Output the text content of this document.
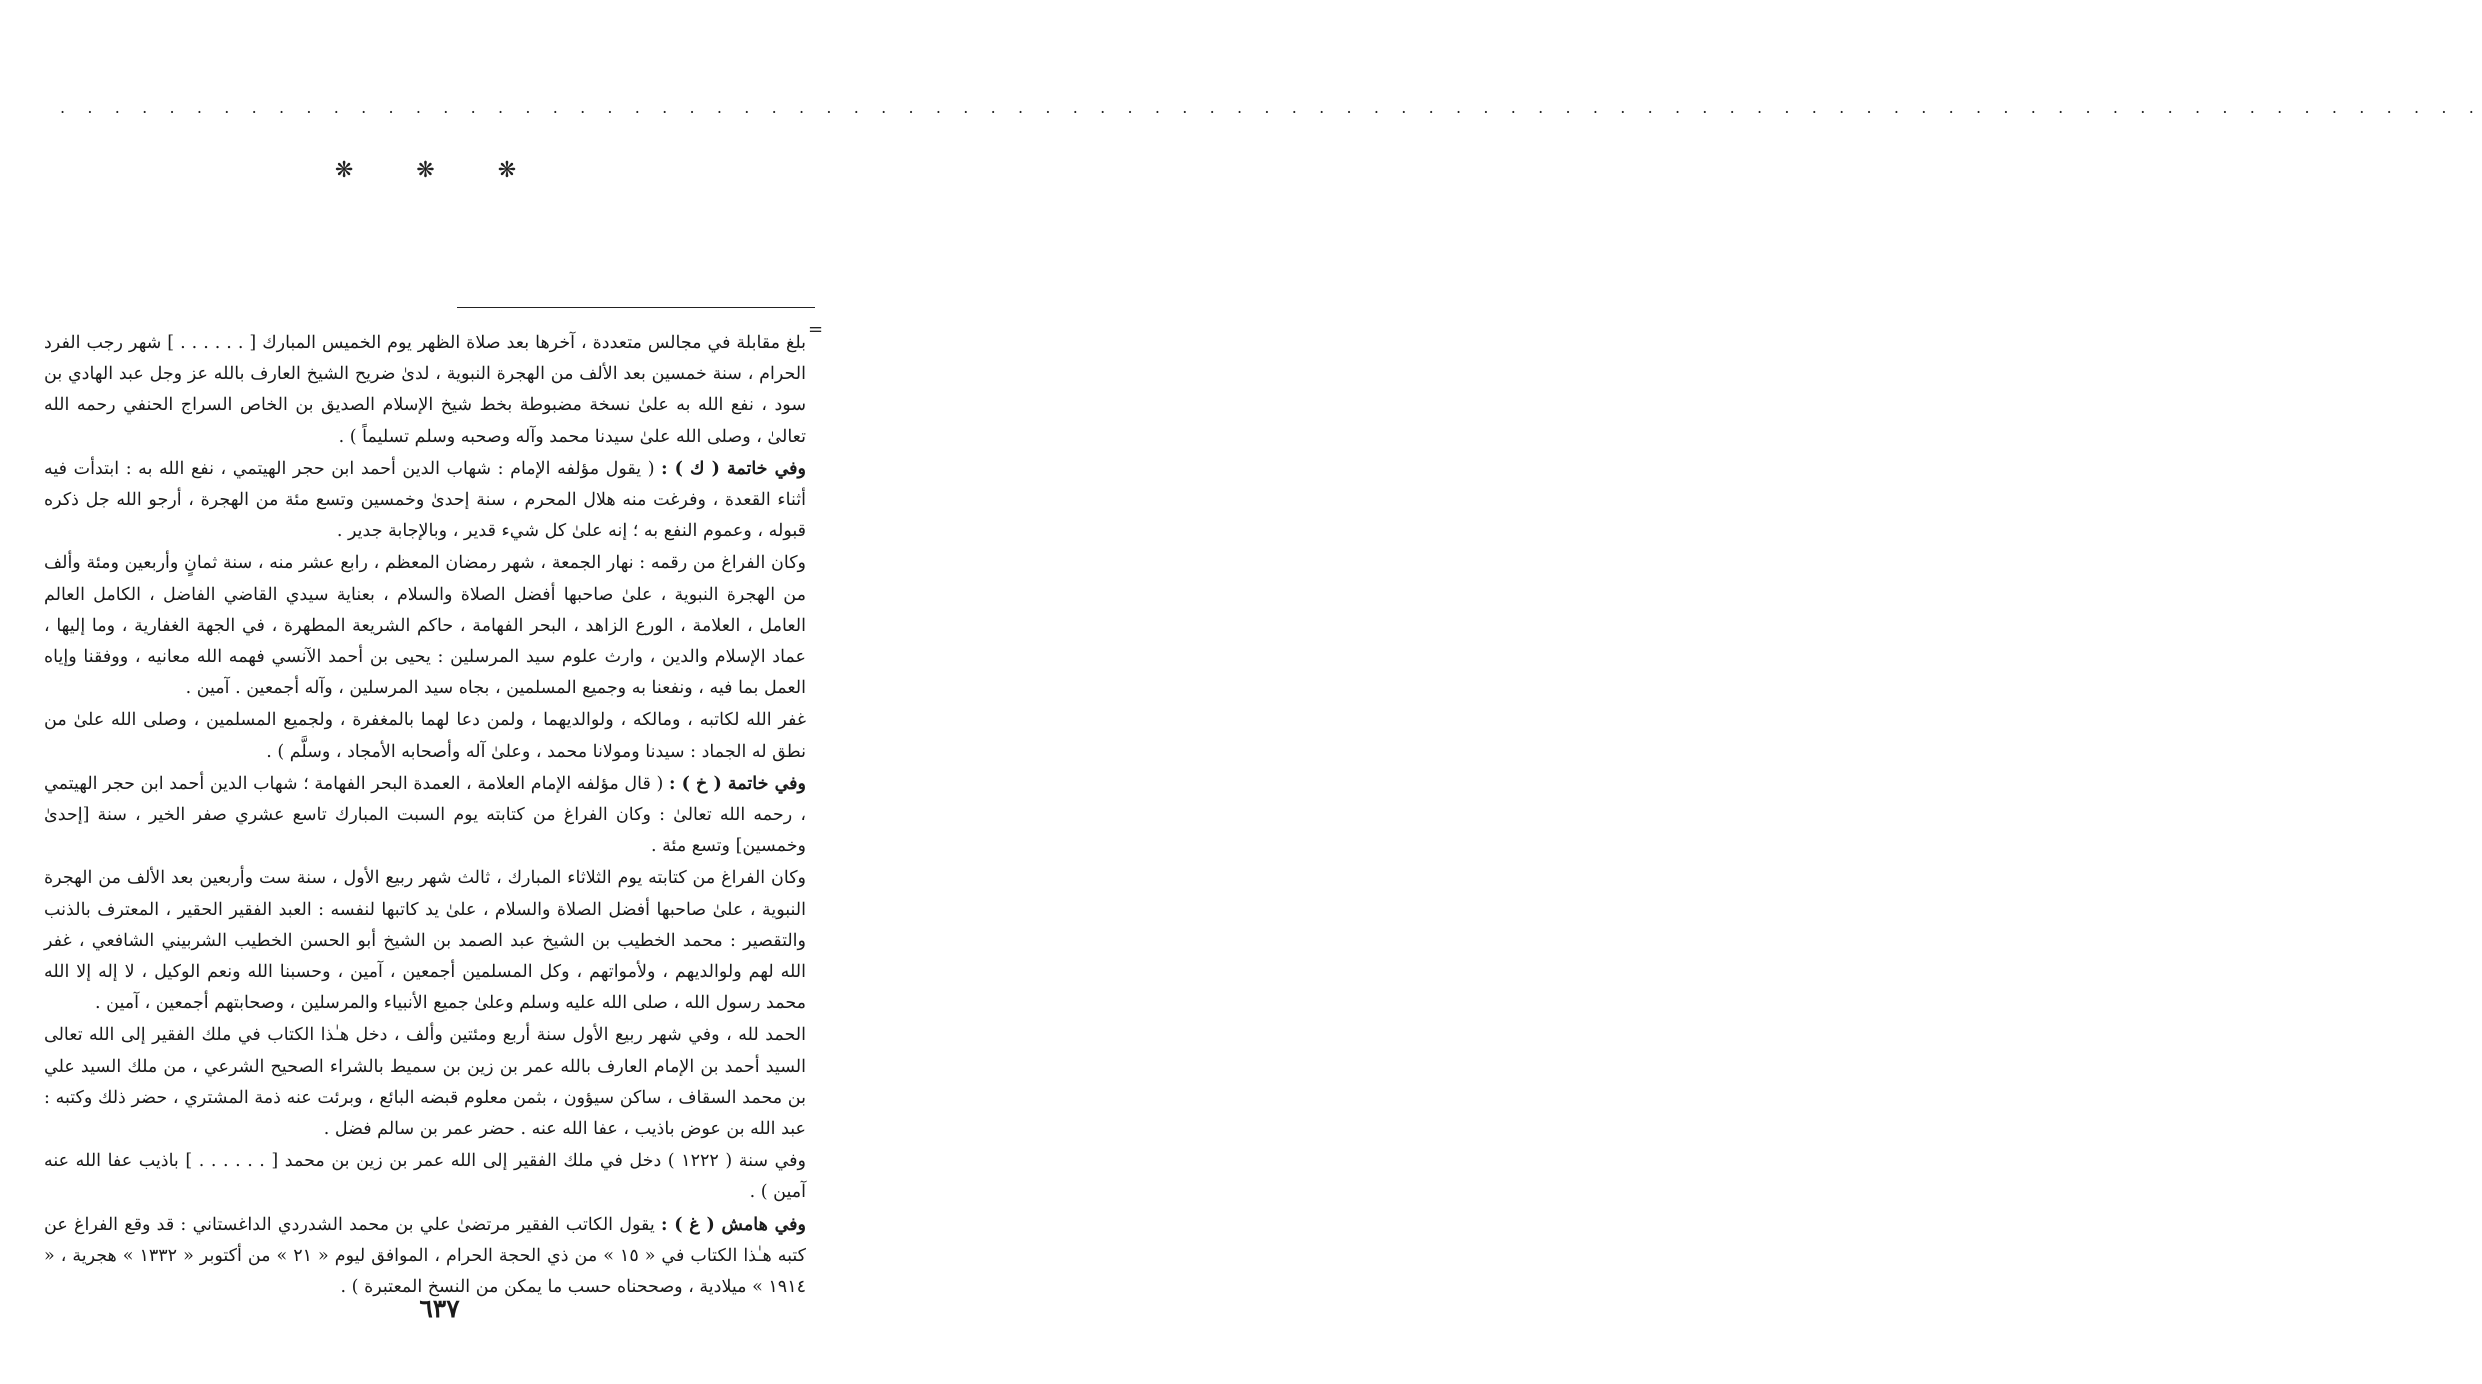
. . . . . . . . . . . . . . . . . . . . . . . . . . . . . . . . . . . . . . . . . . . . . . . . . . . . . . . . . . . . . . . . . . . . . . . . . . . . . . . . . . . . . . . . .
❋ ❋ ❋
=

بلغ مقابلة في مجالس متعددة ، آخرها بعد صلاة الظهر يوم الخميس المبارك [ . . . . . . ] شهر رجب الفرد الحرام ، سنة خمسين بعد الألف من الهجرة النبوية ، لدىٰ ضريح الشيخ العارف بالله عز وجل عبد الهادي بن سود ، نفع الله به علىٰ نسخة مضبوطة بخط شيخ الإسلام الصديق بن الخاص السراج الحنفي رحمه الله تعالىٰ ، وصلى الله علىٰ سيدنا محمد وآله وصحبه وسلم تسليماً ) .

وفي خاتمة ( ك ) : ( يقول مؤلفه الإمام : شهاب الدين أحمد ابن حجر الهيتمي ، نفع الله به : ابتدأت فيه أثناء القعدة ، وفرغت منه هلال المحرم ، سنة إحدىٰ وخمسين وتسع مئة من الهجرة ، أرجو الله جل ذكره قبوله ، وعموم النفع به ؛ إنه علىٰ كل شيء قدير ، وبالإجابة جدير .

وكان الفراغ من رقمه : نهار الجمعة ، شهر رمضان المعظم ، رابع عشر منه ، سنة ثمانٍ وأربعين ومئة وألف من الهجرة النبوية ، علىٰ صاحبها أفضل الصلاة والسلام ، بعناية سيدي القاضي الفاضل ، الكامل العالم العامل ، العلامة ، الورع الزاهد ، البحر الفهامة ، حاكم الشريعة المطهرة ، في الجهة الغفارية ، وما إليها ، عماد الإسلام والدين ، وارث علوم سيد المرسلين : يحيى بن أحمد الآنسي فهمه الله معانيه ، ووفقنا وإياه العمل بما فيه ، ونفعنا به وجميع المسلمين ، بجاه سيد المرسلين ، وآله أجمعين . آمين .

غفر الله لكاتبه ، ومالكه ، ولوالديهما ، ولمن دعا لهما بالمغفرة ، ولجميع المسلمين ، وصلى الله علىٰ من نطق له الجماد : سيدنا ومولانا محمد ، وعلىٰ آله وأصحابه الأمجاد ، وسلَّم ) .

وفي خاتمة ( خ ) : ( قال مؤلفه الإمام العلامة ، العمدة البحر الفهامة ؛ شهاب الدين أحمد ابن حجر الهيتمي ، رحمه الله تعالىٰ : وكان الفراغ من كتابته يوم السبت المبارك تاسع عشري صفر الخير ، سنة [إحدىٰ وخمسين] وتسع مئة .

وكان الفراغ من كتابته يوم الثلاثاء المبارك ، ثالث شهر ربيع الأول ، سنة ست وأربعين بعد الألف من الهجرة النبوية ، علىٰ صاحبها أفضل الصلاة والسلام ، علىٰ يد كاتبها لنفسه : العبد الفقير الحقير ، المعترف بالذنب والتقصير : محمد الخطيب بن الشيخ عبد الصمد بن الشيخ أبو الحسن الخطيب الشربيني الشافعي ، غفر الله لهم ولوالديهم ، ولأمواتهم ، وكل المسلمين أجمعين ، آمين ، وحسبنا الله ونعم الوكيل ، لا إله إلا الله محمد رسول الله ، صلى الله عليه وسلم وعلىٰ جميع الأنبياء والمرسلين ، وصحابتهم أجمعين ، آمين .

الحمد لله ، وفي شهر ربيع الأول سنة أربع ومئتين وألف ، دخل هـٰذا الكتاب في ملك الفقير إلى الله تعالى السيد أحمد بن الإمام العارف بالله عمر بن زين بن سميط بالشراء الصحيح الشرعي ، من ملك السيد علي بن محمد السقاف ، ساكن سيؤون ، بثمن معلوم قبضه البائع ، وبرئت عنه ذمة المشتري ، حضر ذلك وكتبه : عبد الله بن عوض باذيب ، عفا الله عنه . حضر عمر بن سالم فضل .

وفي سنة ( ١٢٢٢ ) دخل في ملك الفقير إلى الله عمر بن زين بن محمد [ . . . . . . ] باذيب عفا الله عنه آمين ) .

وفي هامش ( غ ) : يقول الكاتب الفقير مرتضىٰ علي بن محمد الشدردي الداغستاني : قد وقع الفراغ عن كتبه هـٰذا الكتاب في « ١٥ » من ذي الحجة الحرام ، الموافق ليوم « ٢١ » من أكتوبر « ١٣٣٢ » هجرية ، « ١٩١٤ » ميلادية ، وصححناه حسب ما يمكن من النسخ المعتبرة ) .

٦٣٧
